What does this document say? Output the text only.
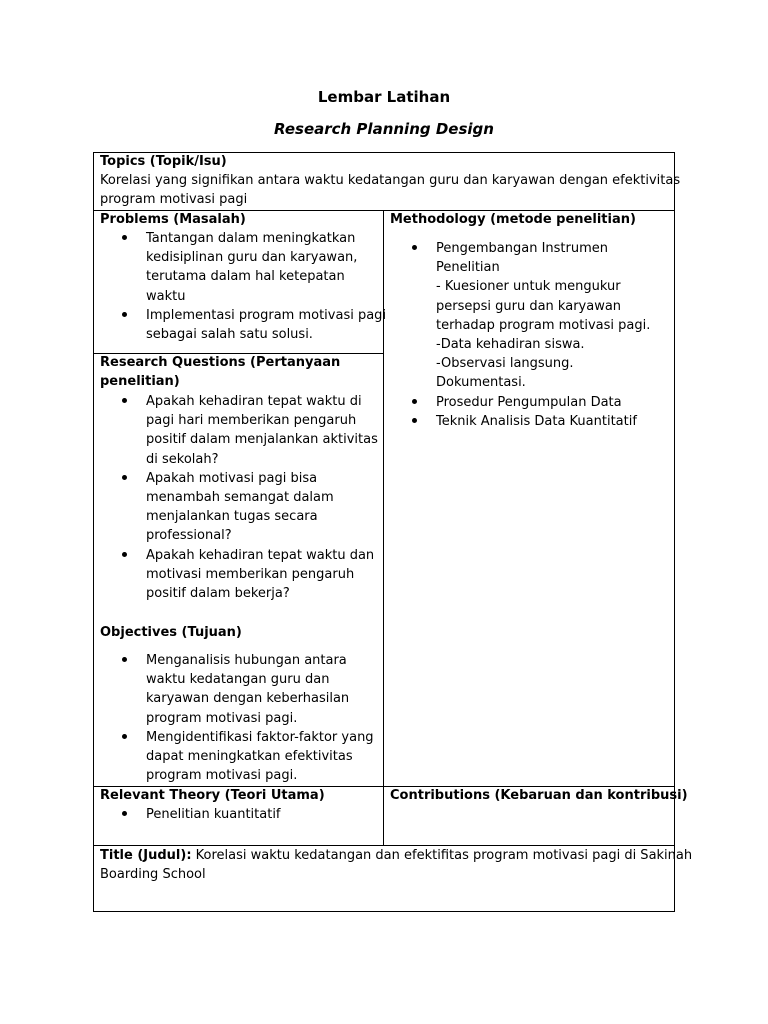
Lembar Latihan
Research Planning Design
Topics (Topik/Isu)
Korelasi yang signifikan antara waktu kedatangan guru dan karyawan dengan efektivitas
program motivasi pagi
Problems (Masalah)
Tantangan dalam meningkatkan
kedisiplinan guru dan karyawan,
terutama dalam hal ketepatan
waktu
Implementasi program motivasi pagi
sebagai salah satu solusi.
Methodology (metode penelitian)
Pengembangan Instrumen
Penelitian
- Kuesioner untuk mengukur
persepsi guru dan karyawan
terhadap program motivasi pagi.
-Data kehadiran siswa.
-Observasi langsung.
Dokumentasi.
Prosedur Pengumpulan Data
Teknik Analisis Data Kuantitatif
Research Questions (Pertanyaan
penelitian)
Apakah kehadiran tepat waktu di
pagi hari memberikan pengaruh
positif dalam menjalankan aktivitas
di sekolah?
Apakah motivasi pagi bisa
menambah semangat dalam
menjalankan tugas secara
professional?
Apakah kehadiran tepat waktu dan
motivasi memberikan pengaruh
positif dalam bekerja?
Objectives (Tujuan)
Menganalisis hubungan antara
waktu kedatangan guru dan
karyawan dengan keberhasilan
program motivasi pagi.
Mengidentifikasi faktor-faktor yang
dapat meningkatkan efektivitas
program motivasi pagi.
Relevant Theory (Teori Utama)
Penelitian kuantitatif
Contributions (Kebaruan dan kontribusi)
Title (Judul): Korelasi waktu kedatangan dan efektifitas program motivasi pagi di Sakinah
Boarding School
